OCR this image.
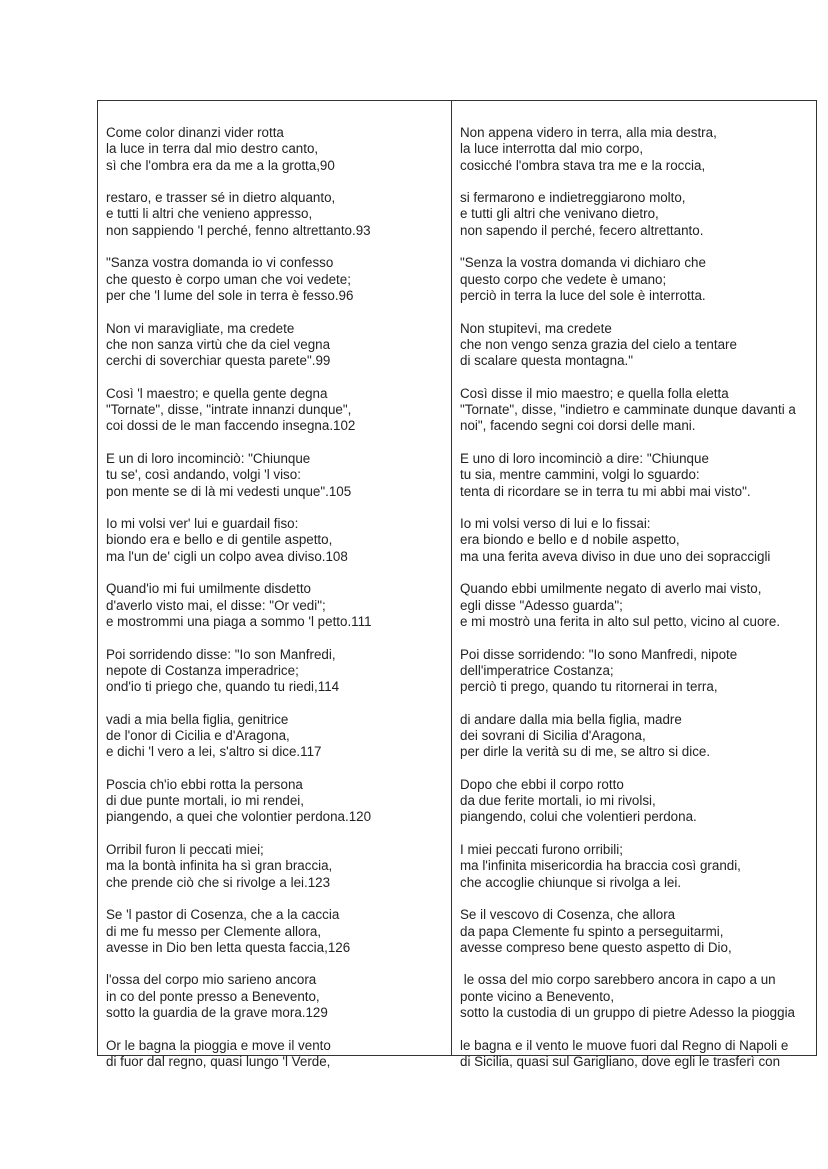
Come color dinanzi vider rotta
la luce in terra dal mio destro canto,
sì che l'ombra era da me a la grotta,90
restaro, e trasser sé in dietro alquanto,
e tutti li altri che venieno appresso,
non sappiendo 'l perché, fenno altrettanto.93
"Sanza vostra domanda io vi confesso
che questo è corpo uman che voi vedete;
per che 'l lume del sole in terra è fesso.96
Non vi maravigliate, ma credete
che non sanza virtù che da ciel vegna
cerchi di soverchiar questa parete".99
Così 'l maestro; e quella gente degna
"Tornate", disse, "intrate innanzi dunque",
coi dossi de le man faccendo insegna.102
E un di loro incominciò: "Chiunque
tu se', così andando, volgi 'l viso:
pon mente se di là mi vedesti unque".105
Io mi volsi ver' lui e guardail fiso:
biondo era e bello e di gentile aspetto,
ma l'un de' cigli un colpo avea diviso.108
Quand'io mi fui umilmente disdetto
d'averlo visto mai, el disse: "Or vedi";
e mostrommi una piaga a sommo 'l petto.111
Poi sorridendo disse: "Io son Manfredi,
nepote di Costanza imperadrice;
ond'io ti priego che, quando tu riedi,114
vadi a mia bella figlia, genitrice
de l'onor di Cicilia e d'Aragona,
e dichi 'l vero a lei, s'altro si dice.117
Poscia ch'io ebbi rotta la persona
di due punte mortali, io mi rendei,
piangendo, a quei che volontier perdona.120
Orribil furon li peccati miei;
ma la bontà infinita ha sì gran braccia,
che prende ciò che si rivolge a lei.123
Se 'l pastor di Cosenza, che a la caccia
di me fu messo per Clemente allora,
avesse in Dio ben letta questa faccia,126
l'ossa del corpo mio sarieno ancora
in co del ponte presso a Benevento,
sotto la guardia de la grave mora.129
Or le bagna la pioggia e move il vento
di fuor dal regno, quasi lungo 'l Verde,
Non appena videro in terra, alla mia destra,
la luce interrotta dal mio corpo,
cosicché l'ombra stava tra me e la roccia,
si fermarono e indietreggiarono molto,
e tutti gli altri che venivano dietro,
non sapendo il perché, fecero altrettanto.
"Senza la vostra domanda vi dichiaro che
questo corpo che vedete è umano;
perciò in terra la luce del sole è interrotta.
Non stupitevi, ma credete
che non vengo senza grazia del cielo a tentare
di scalare questa montagna."
Così disse il mio maestro; e quella folla eletta
"Tornate", disse, "indietro e camminate dunque davanti a
noi", facendo segni coi dorsi delle mani.
E uno di loro incominciò a dire: "Chiunque
tu sia, mentre cammini, volgi lo sguardo:
tenta di ricordare se in terra tu mi abbi mai visto".
Io mi volsi verso di lui e lo fissai:
era biondo e bello e d nobile aspetto,
ma una ferita aveva diviso in due uno dei sopraccigli
Quando ebbi umilmente negato di averlo mai visto,
egli disse "Adesso guarda";
e mi mostrò una ferita in alto sul petto, vicino al cuore.
Poi disse sorridendo: "Io sono Manfredi, nipote
dell'imperatrice Costanza;
perciò ti prego, quando tu ritornerai in terra,
di andare dalla mia bella figlia, madre
dei sovrani di Sicilia d'Aragona,
per dirle la verità su di me, se altro si dice.
Dopo che ebbi il corpo rotto
da due ferite mortali, io mi rivolsi,
piangendo, colui che volentieri perdona.
I miei peccati furono orribili;
ma l'infinita misericordia ha braccia così grandi,
che accoglie chiunque si rivolga a lei.
Se il vescovo di Cosenza, che allora
da papa Clemente fu spinto a perseguitarmi,
avesse compreso bene questo aspetto di Dio,
le ossa del mio corpo sarebbero ancora in capo a un
ponte vicino a Benevento,
sotto la custodia di un gruppo di pietre Adesso la pioggia
le bagna e il vento le muove fuori dal Regno di Napoli e
di Sicilia, quasi sul Garigliano, dove egli le trasferì con
